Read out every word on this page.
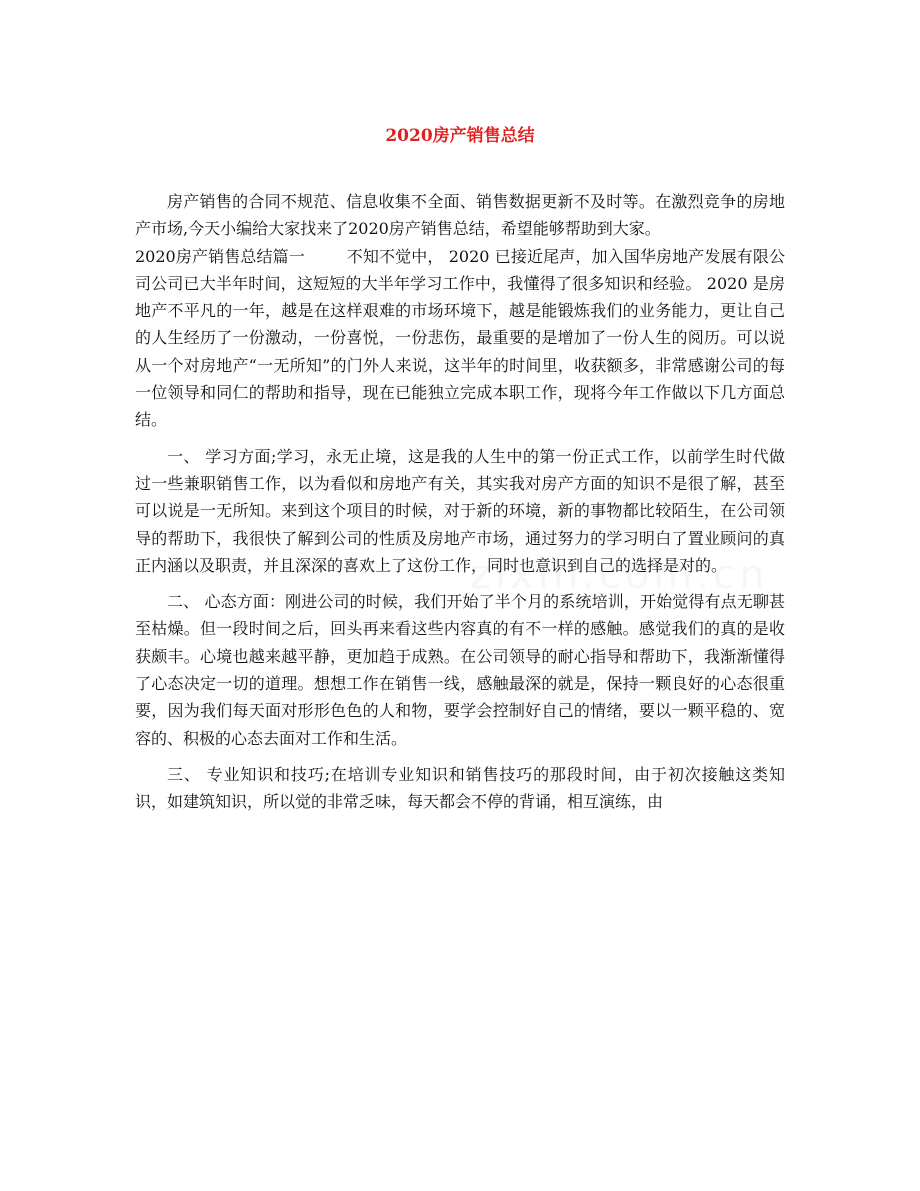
2020房产销售总结

房产销售的合同不规范、信息收集不全面、销售数据更新不及时等。在激烈竞争的房地产市场,今天小编给大家找来了2020房产销售总结，希望能够帮助到大家。

2020房产销售总结篇一	不知不觉中， 2020 已接近尾声，加入国华房地产发展有限公司公司已大半年时间，这短短的大半年学习工作中，我懂得了很多知识和经验。 2020 是房地产不平凡的一年，越是在这样艰难的市场环境下，越是能锻炼我们的业务能力，更让自己的人生经历了一份激动，一份喜悦，一份悲伤，最重要的是增加了一份人生的阅历。可以说从一个对房地产“一无所知”的门外人来说，这半年的时间里，收获额多，非常感谢公司的每一位领导和同仁的帮助和指导，现在已能独立完成本职工作，现将今年工作做以下几方面总结。

一、 学习方面;学习，永无止境，这是我的人生中的第一份正式工作，以前学生时代做过一些兼职销售工作，以为看似和房地产有关，其实我对房产方面的知识不是很了解，甚至可以说是一无所知。来到这个项目的时候，对于新的环境，新的事物都比较陌生，在公司领导的帮助下，我很快了解到公司的性质及房地产市场，通过努力的学习明白了置业顾问的真正内涵以及职责，并且深深的喜欢上了这份工作，同时也意识到自己的选择是对的。

二、 心态方面：刚进公司的时候，我们开始了半个月的系统培训，开始觉得有点无聊甚至枯燥。但一段时间之后，回头再来看这些内容真的有不一样的感触。感觉我们的真的是收获颇丰。心境也越来越平静，更加趋于成熟。在公司领导的耐心指导和帮助下，我渐渐懂得了心态决定一切的道理。想想工作在销售一线，感触最深的就是，保持一颗良好的心态很重要，因为我们每天面对形形色色的人和物，要学会控制好自己的情绪，要以一颗平稳的、宽容的、积极的心态去面对工作和生活。

三、 专业知识和技巧;在培训专业知识和销售技巧的那段时间，由于初次接触这类知识，如建筑知识，所以觉的非常乏味，每天都会不停的背诵，相互演练，由
